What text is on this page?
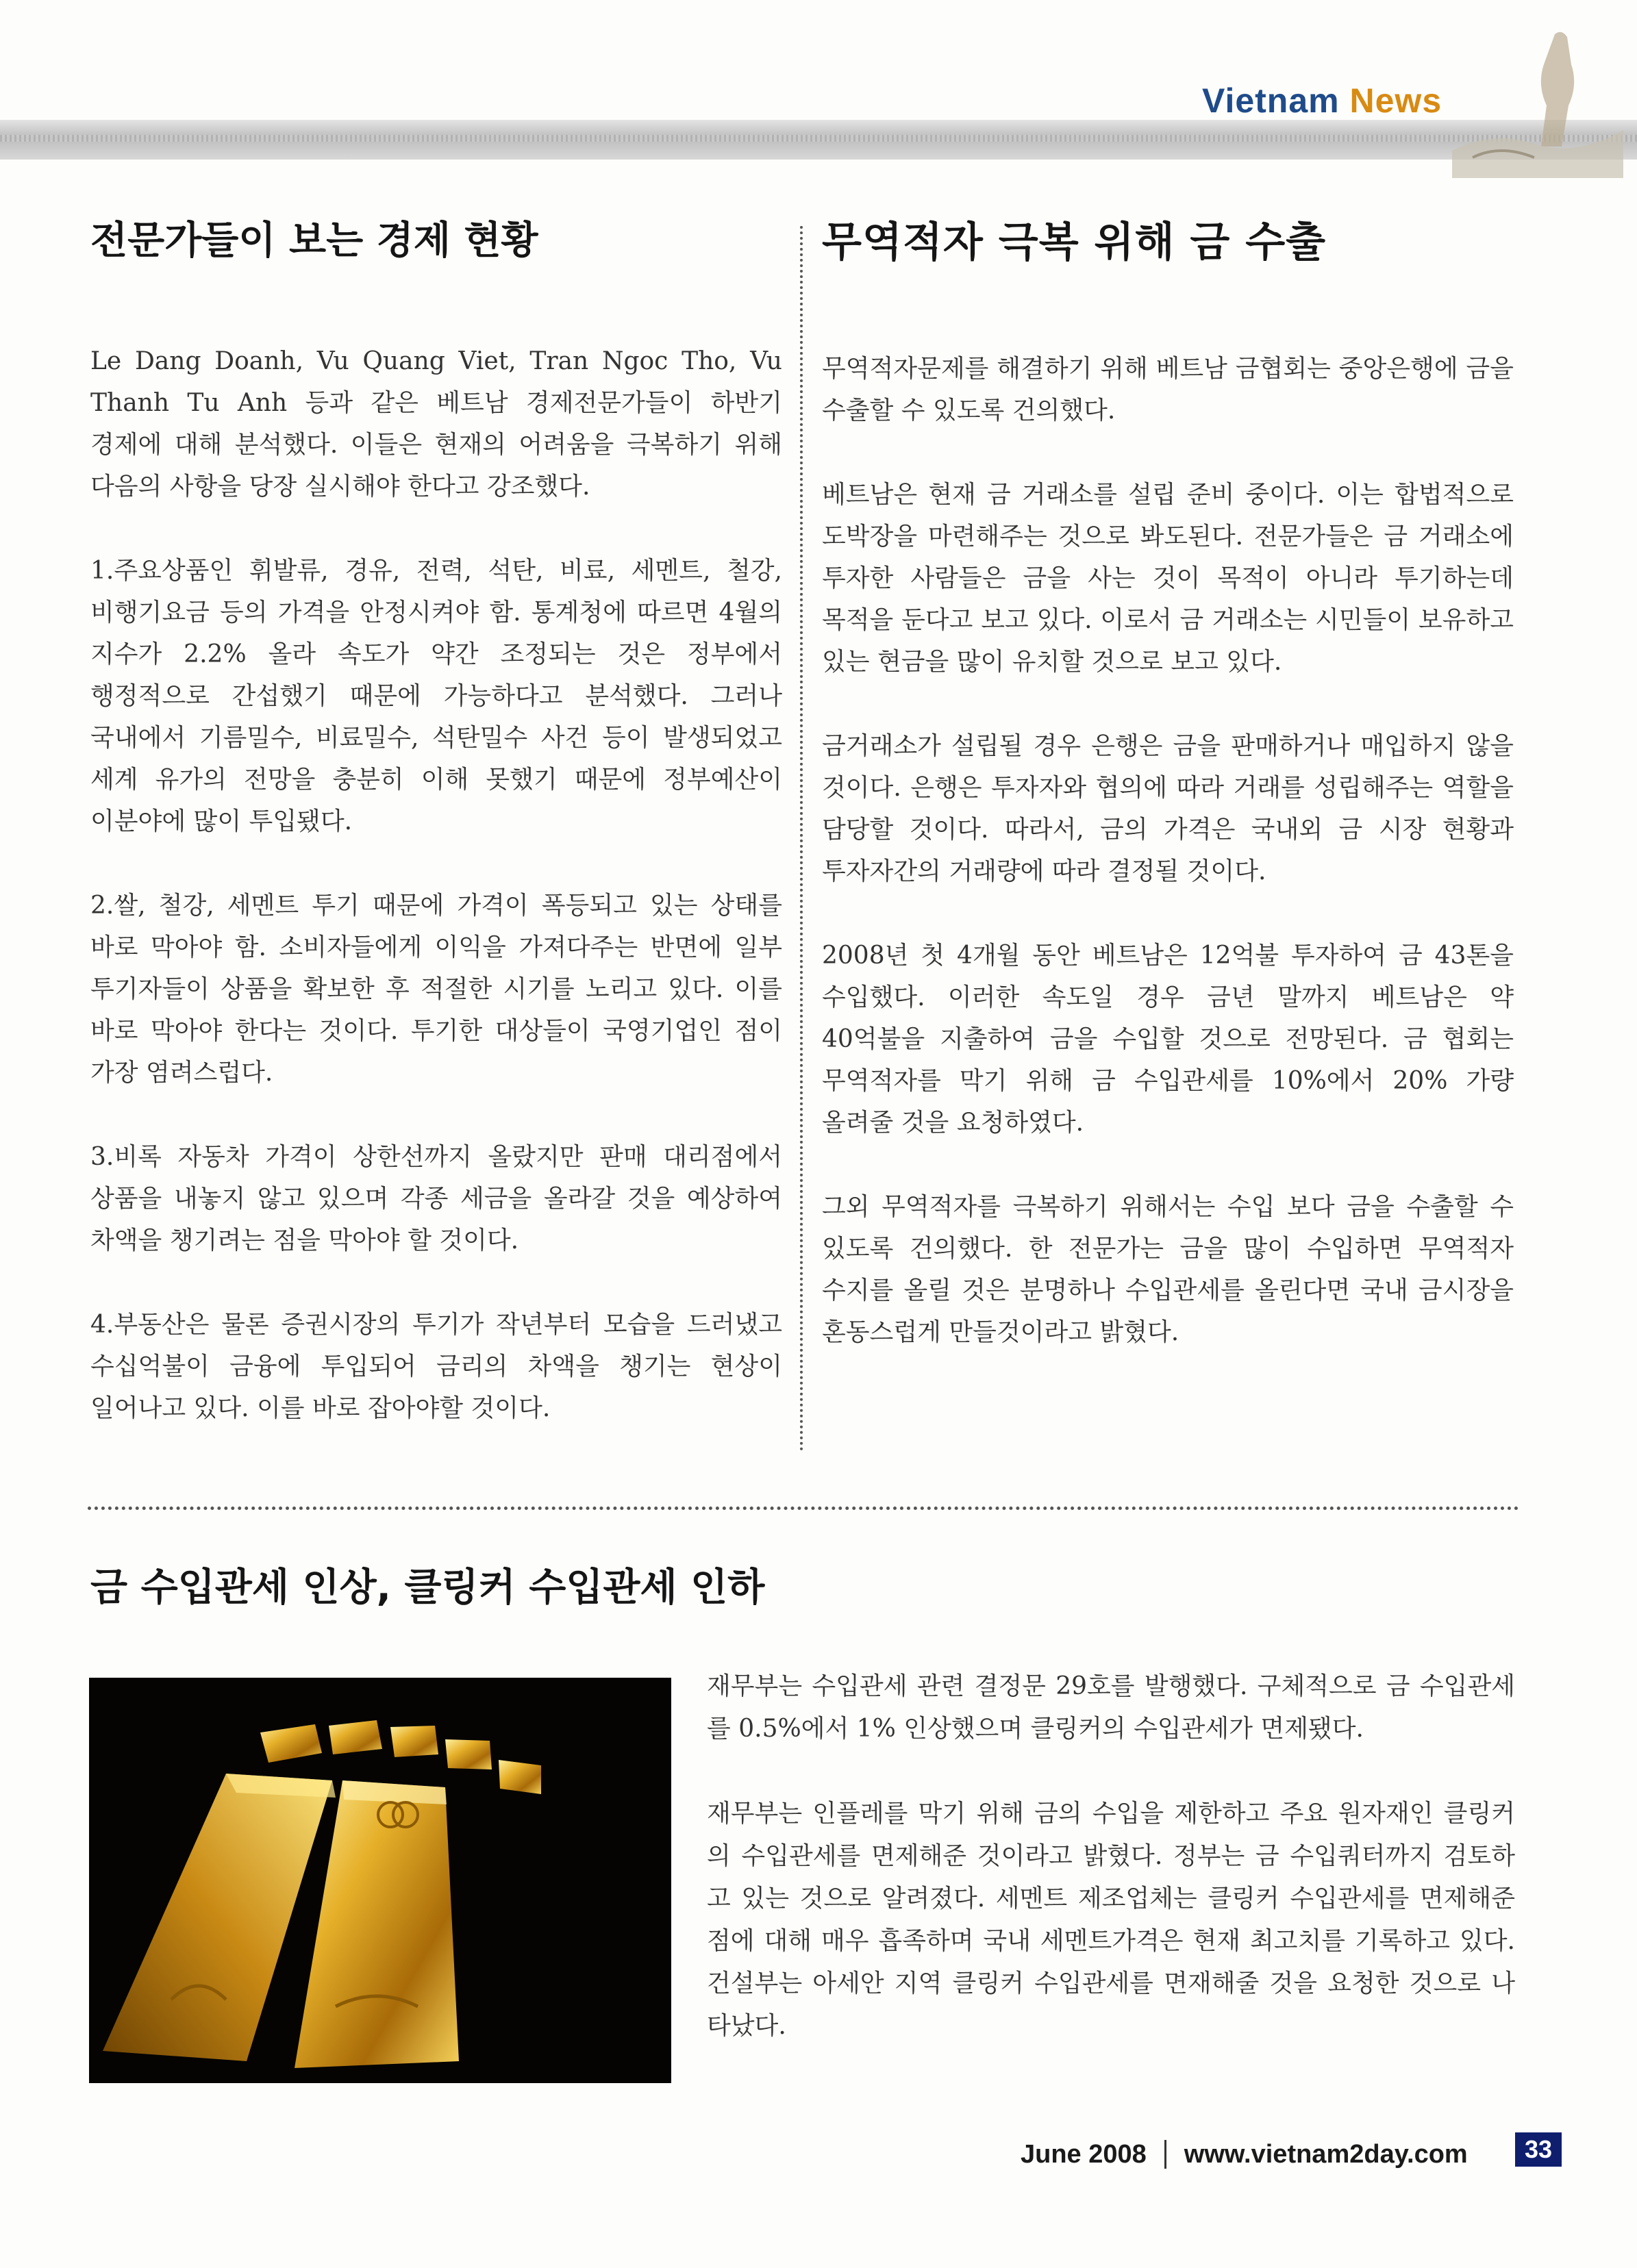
Vietnam News
전문가들이 보는 경제 현황

Le Dang Doanh, Vu Quang Viet, Tran Ngoc Tho, Vu Thanh Tu Anh 등과 같은 베트남 경제전문가들이 하반기 경제에 대해 분석했다. 이들은 현재의 어려움을 극복하기 위해 다음의 사항을 당장 실시해야 한다고 강조했다.

1.주요상품인 휘발류, 경유, 전력, 석탄, 비료, 세멘트, 철강, 비행기요금 등의 가격을 안정시켜야 함. 통계청에 따르면 4월의 지수가 2.2% 올라 속도가 약간 조정되는 것은 정부에서 행정적으로 간섭했기 때문에 가능하다고 분석했다. 그러나 국내에서 기름밀수, 비료밀수, 석탄밀수 사건 등이 발생되었고 세계 유가의 전망을 충분히 이해 못했기 때문에 정부예산이 이분야에 많이 투입됐다.

2.쌀, 철강, 세멘트 투기 때문에 가격이 폭등되고 있는 상태를 바로 막아야 함. 소비자들에게 이익을 가져다주는 반면에 일부 투기자들이 상품을 확보한 후 적절한 시기를 노리고 있다. 이를 바로 막아야 한다는 것이다. 투기한 대상들이 국영기업인 점이 가장 염려스럽다.

3.비록 자동차 가격이 상한선까지 올랐지만 판매 대리점에서 상품을 내놓지 않고 있으며 각종 세금을 올라갈 것을 예상하여 차액을 챙기려는 점을 막아야 할 것이다.

4.부동산은 물론 증권시장의 투기가 작년부터 모습을 드러냈고 수십억불이 금융에 투입되어 금리의 차액을 챙기는 현상이 일어나고 있다. 이를 바로 잡아야할 것이다.

무역적자 극복 위해 금 수출

무역적자문제를 해결하기 위해 베트남 금협회는 중앙은행에 금을 수출할 수 있도록 건의했다.

베트남은 현재 금 거래소를 설립 준비 중이다. 이는 합법적으로 도박장을 마련해주는 것으로 봐도된다. 전문가들은 금 거래소에 투자한 사람들은 금을 사는 것이 목적이 아니라 투기하는데 목적을 둔다고 보고 있다. 이로서 금 거래소는 시민들이 보유하고 있는 현금을 많이 유치할 것으로 보고 있다.

금거래소가 설립될 경우 은행은 금을 판매하거나 매입하지 않을 것이다. 은행은 투자자와 협의에 따라 거래를 성립해주는 역할을 담당할 것이다. 따라서, 금의 가격은 국내외 금 시장 현황과 투자자간의 거래량에 따라 결정될 것이다.

2008년 첫 4개월 동안 베트남은 12억불 투자하여 금 43톤을 수입했다. 이러한 속도일 경우 금년 말까지 베트남은 약 40억불을 지출하여 금을 수입할 것으로 전망된다. 금 협회는 무역적자를 막기 위해 금 수입관세를 10%에서 20% 가량 올려줄 것을 요청하였다.

그외 무역적자를 극복하기 위해서는 수입 보다 금을 수출할 수 있도록 건의했다. 한 전문가는 금을 많이 수입하면 무역적자 수지를 올릴 것은 분명하나 수입관세를 올린다면 국내 금시장을 혼동스럽게 만들것이라고 밝혔다.

금 수입관세 인상, 클링커 수입관세 인하

재무부는 수입관세 관련 결정문 29호를 발행했다. 구체적으로 금 수입관세를 0.5%에서 1% 인상했으며 클링커의 수입관세가 면제됐다.

재무부는 인플레를 막기 위해 금의 수입을 제한하고 주요 원자재인 클링커의 수입관세를 면제해준 것이라고 밝혔다. 정부는 금 수입쿼터까지 검토하고 있는 것으로 알려졌다. 세멘트 제조업체는 클링커 수입관세를 면제해준 점에 대해 매우 흡족하며 국내 세멘트가격은 현재 최고치를 기록하고 있다. 건설부는 아세안 지역 클링커 수입관세를 면재해줄 것을 요청한 것으로 나타났다.

June 2008 www.vietnam2day.com	33
